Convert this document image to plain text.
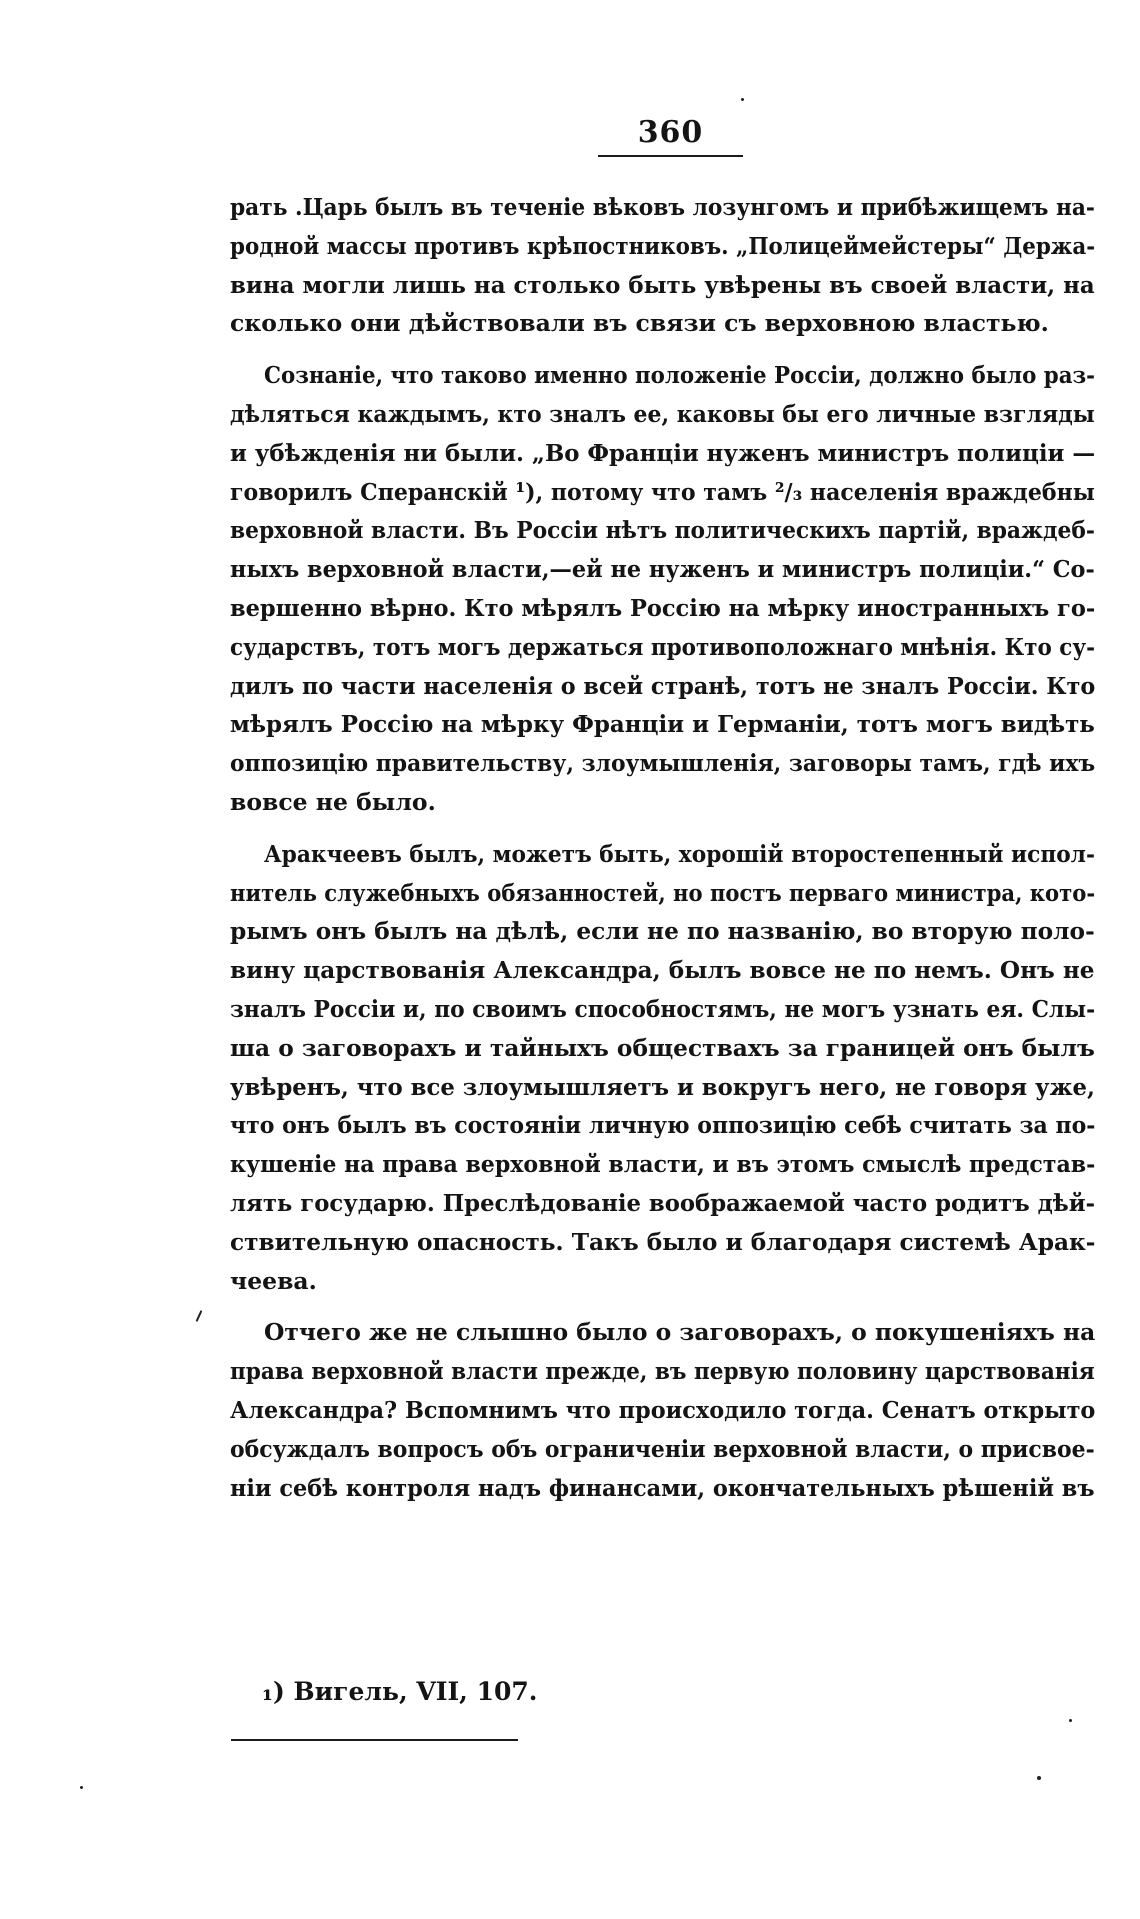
360
рать .Царь былъ въ теченіе вѣковъ лозунгомъ и прибѣжищемъ на-
родной массы противъ крѣпостниковъ. „Полицеймейстеры“ Держа-
вина могли лишь на столько быть увѣрены въ своей власти, на
сколько они дѣйствовали въ связи съ верховною властью.
Сознаніе, что таково именно положеніе Россіи, должно было раз-
дѣляться каждымъ, кто зналъ ее, каковы бы его личные взгляды
и убѣжденія ни были. „Во Франціи нуженъ министръ полиціи —
говорилъ Сперанскій ¹), потому что тамъ ²/₃ населенія враждебны
верховной власти. Въ Россіи нѣтъ политическихъ партій, враждеб-
ныхъ верховной власти,—ей не нуженъ и министръ полиціи.“ Со-
вершенно вѣрно. Кто мѣрялъ Россію на мѣрку иностранныхъ го-
сударствъ, тотъ могъ держаться противоположнаго мнѣнія. Кто су-
дилъ по части населенія о всей странѣ, тотъ не зналъ Россіи. Кто
мѣрялъ Россію на мѣрку Франціи и Германіи, тотъ могъ видѣть
оппозицію правительству, злоумышленія, заговоры тамъ, гдѣ ихъ
вовсе не было.
Аракчеевъ былъ, можетъ быть, хорошій второстепенный испол-
нитель служебныхъ обязанностей, но постъ перваго министра, кото-
рымъ онъ былъ на дѣлѣ, если не по названію, во вторую поло-
вину царствованія Александра, былъ вовсе не по немъ. Онъ не
зналъ Россіи и, по своимъ способностямъ, не могъ узнать ея. Слы-
ша о заговорахъ и тайныхъ обществахъ за границей онъ былъ
увѣренъ, что все злоумышляетъ и вокругъ него, не говоря уже,
что онъ былъ въ состояніи личную оппозицію себѣ считать за по-
кушеніе на права верховной власти, и въ этомъ смыслѣ представ-
лять государю. Преслѣдованіе воображаемой часто родитъ дѣй-
ствительную опасность. Такъ было и благодаря системѣ Арак-
чеева.
Отчего же не слышно было о заговорахъ, о покушеніяхъ на
права верховной власти прежде, въ первую половину царствованія
Александра? Вспомнимъ что происходило тогда. Сенатъ открыто
обсуждалъ вопросъ объ ограниченіи верховной власти, о присвое-
ніи себѣ контроля надъ финансами, окончательныхъ рѣшеній въ
₁) Вигель, VII, 107.
